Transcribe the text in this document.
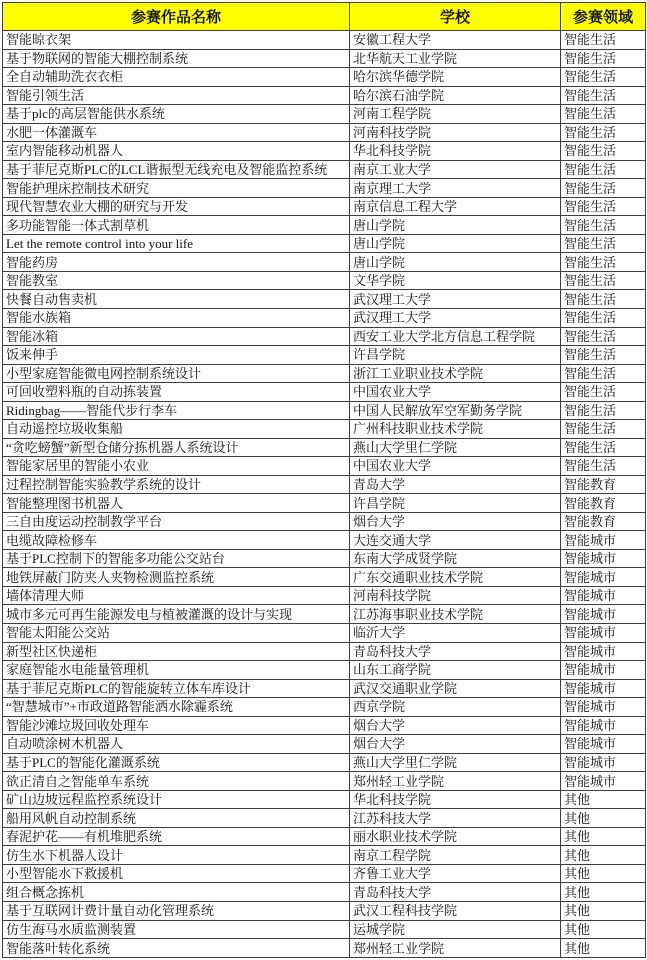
参赛作品名称	学校	参赛领域
智能晾衣架	安徽工程大学	智能生活
基于物联网的智能大棚控制系统	北华航天工业学院	智能生活
全自动辅助洗衣衣柜	哈尔滨华德学院	智能生活
智能引领生活	哈尔滨石油学院	智能生活
基于plc的高层智能供水系统	河南工程学院	智能生活
水肥一体灌溉车	河南科技学院	智能生活
室内智能移动机器人	华北科技学院	智能生活
基于菲尼克斯PLC的LCL谐振型无线充电及智能监控系统	南京工业大学	智能生活
智能护理床控制技术研究	南京理工大学	智能生活
现代智慧农业大棚的研究与开发	南京信息工程大学	智能生活
多功能智能一体式割草机	唐山学院	智能生活
Let the remote control into your life	唐山学院	智能生活
智能药房	唐山学院	智能生活
智能教室	文华学院	智能生活
快餐自动售卖机	武汉理工大学	智能生活
智能水族箱	武汉理工大学	智能生活
智能冰箱	西安工业大学北方信息工程学院	智能生活
饭来伸手	许昌学院	智能生活
小型家庭智能微电网控制系统设计	浙江工业职业技术学院	智能生活
可回收塑料瓶的自动拣装置	中国农业大学	智能生活
Ridingbag——智能代步行李车	中国人民解放军空军勤务学院	智能生活
自动遥控垃圾收集船	广州科技职业技术学院	智能生活
“贪吃螃蟹”新型仓储分拣机器人系统设计	燕山大学里仁学院	智能生活
智能家居里的智能小农业	中国农业大学	智能生活
过程控制智能实验教学系统的设计	青岛大学	智能教育
智能整理图书机器人	许昌学院	智能教育
三自由度运动控制教学平台	烟台大学	智能教育
电缆故障检修车	大连交通大学	智能城市
基于PLC控制下的智能多功能公交站台	东南大学成贤学院	智能城市
地铁屏蔽门防夹人夹物检测监控系统	广东交通职业技术学院	智能城市
墙体清理大师	河南科技学院	智能城市
城市多元可再生能源发电与植被灌溉的设计与实现	江苏海事职业技术学院	智能城市
智能太阳能公交站	临沂大学	智能城市
新型社区快递柜	青岛科技大学	智能城市
家庭智能水电能量管理机	山东工商学院	智能城市
基于菲尼克斯PLC的智能旋转立体车库设计	武汉交通职业学院	智能城市
“智慧城市”+市政道路智能洒水除霾系统	西京学院	智能城市
智能沙滩垃圾回收处理车	烟台大学	智能城市
自动喷涂树木机器人	烟台大学	智能城市
基于PLC的智能化灌溉系统	燕山大学里仁学院	智能城市
欲正清自之智能单车系统	郑州轻工业学院	智能城市
矿山边坡远程监控系统设计	华北科技学院	其他
船用风帆自动控制系统	江苏科技大学	其他
春泥护花——有机堆肥系统	丽水职业技术学院	其他
仿生水下机器人设计	南京工程学院	其他
小型智能水下救援机	齐鲁工业大学	其他
组合概念拣机	青岛科技大学	其他
基于互联网计费计量自动化管理系统	武汉工程科技学院	其他
仿生海马水质监测装置	运城学院	其他
智能落叶转化系统	郑州轻工业学院	其他
